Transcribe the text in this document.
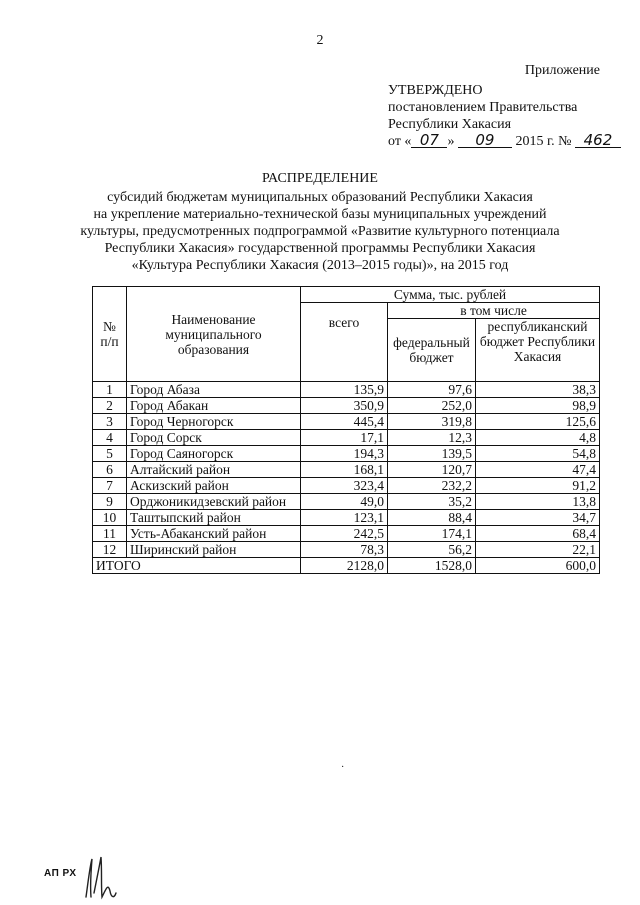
2
Приложение
УТВЕРЖДЕНО
постановлением Правительства
Республики Хакасия
от « 07 » 09 2015 г. № 462
РАСПРЕДЕЛЕНИЕ
субсидий бюджетам муниципальных образований Республики Хакасия
на укрепление материально-технической базы муниципальных учреждений
культуры, предусмотренных подпрограммой «Развитие культурного потенциала
Республики Хакасия» государственной программы Республики Хакасия
«Культура Республики Хакасия (2013–2015 годы)», на 2015 год
№ п/п	Наименование муниципального образования	Сумма, тыс. рублей		
		всего	в том числе	
			федеральный бюджет	республиканский бюджет Республики Хакасия
1	Город Абаза	135,9	97,6	38,3
2	Город Абакан	350,9	252,0	98,9
3	Город Черногорск	445,4	319,8	125,6
4	Город Сорск	17,1	12,3	4,8
5	Город Саяногорск	194,3	139,5	54,8
6	Алтайский район	168,1	120,7	47,4
7	Аскизский район	323,4	232,2	91,2
9	Орджоникидзевский район	49,0	35,2	13,8
10	Таштыпский район	123,1	88,4	34,7
11	Усть-Абаканский район	242,5	174,1	68,4
12	Ширинский район	78,3	56,2	22,1
ИТОГО		2128,0	1528,0	600,0
·
АП РХ
